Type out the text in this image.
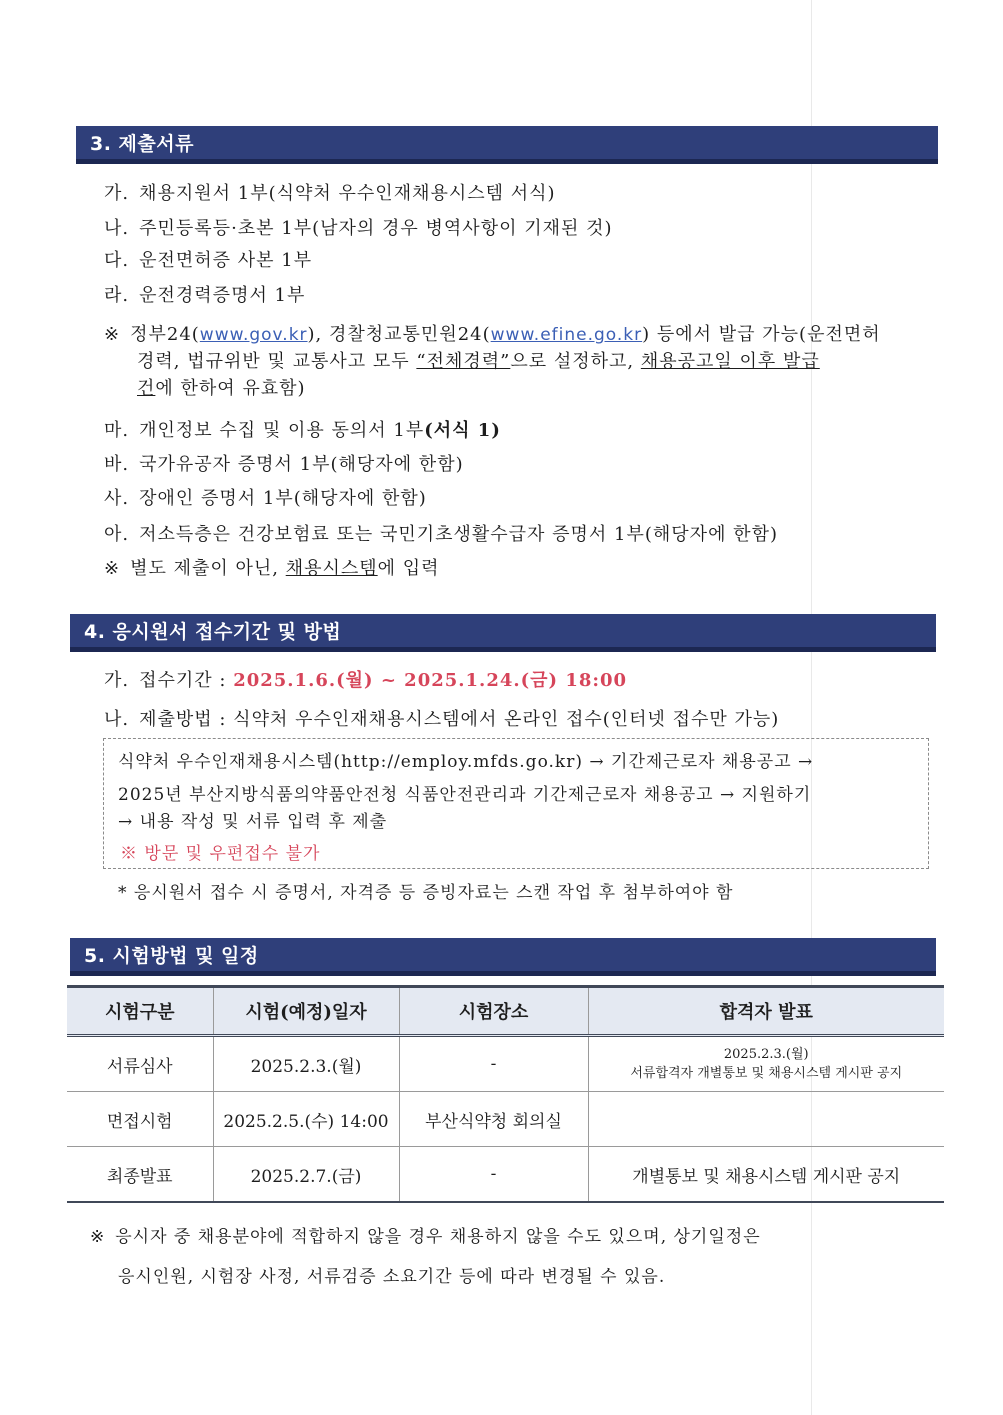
3. 제출서류
가. 채용지원서 1부(식약처 우수인재채용시스템 서식)
나. 주민등록등·초본 1부(남자의 경우 병역사항이 기재된 것)
다. 운전면허증 사본 1부
라. 운전경력증명서 1부
※ 정부24(www.gov.kr), 경찰청교통민원24(www.efine.go.kr) 등에서 발급 가능(운전면허
경력, 법규위반 및 교통사고 모두 “전체경력”으로 설정하고, 채용공고일 이후 발급
건에 한하여 유효함)
마. 개인정보 수집 및 이용 동의서 1부(서식 1)
바. 국가유공자 증명서 1부(해당자에 한함)
사. 장애인 증명서 1부(해당자에 한함)
아. 저소득층은 건강보험료 또는 국민기초생활수급자 증명서 1부(해당자에 한함)
※ 별도 제출이 아닌, 채용시스템에 입력
4. 응시원서 접수기간 및 방법
가. 접수기간 : 2025.1.6.(월) ~ 2025.1.24.(금) 18:00
나. 제출방법 : 식약처 우수인재채용시스템에서 온라인 접수(인터넷 접수만 가능)
식약처 우수인재채용시스템(http://employ.mfds.go.kr) → 기간제근로자 채용공고 →
2025년 부산지방식품의약품안전청 식품안전관리과 기간제근로자 채용공고 → 지원하기
→ 내용 작성 및 서류 입력 후 제출
※ 방문 및 우편접수 불가
* 응시원서 접수 시 증명서, 자격증 등 증빙자료는 스캔 작업 후 첨부하여야 함
5. 시험방법 및 일정
시험구분	시험(예정)일자	시험장소	합격자 발표
서류심사	2025.2.3.(월)	-	2025.2.3.(월)
서류합격자 개별통보 및 채용시스템 게시판 공지

면접시험	2025.2.5.(수) 14:00	부산식약청 회의실	
최종발표	2025.2.7.(금)	-	개별통보 및 채용시스템 게시판 공지
※ 응시자 중 채용분야에 적합하지 않을 경우 채용하지 않을 수도 있으며, 상기일정은
응시인원, 시험장 사정, 서류검증 소요기간 등에 따라 변경될 수 있음.
